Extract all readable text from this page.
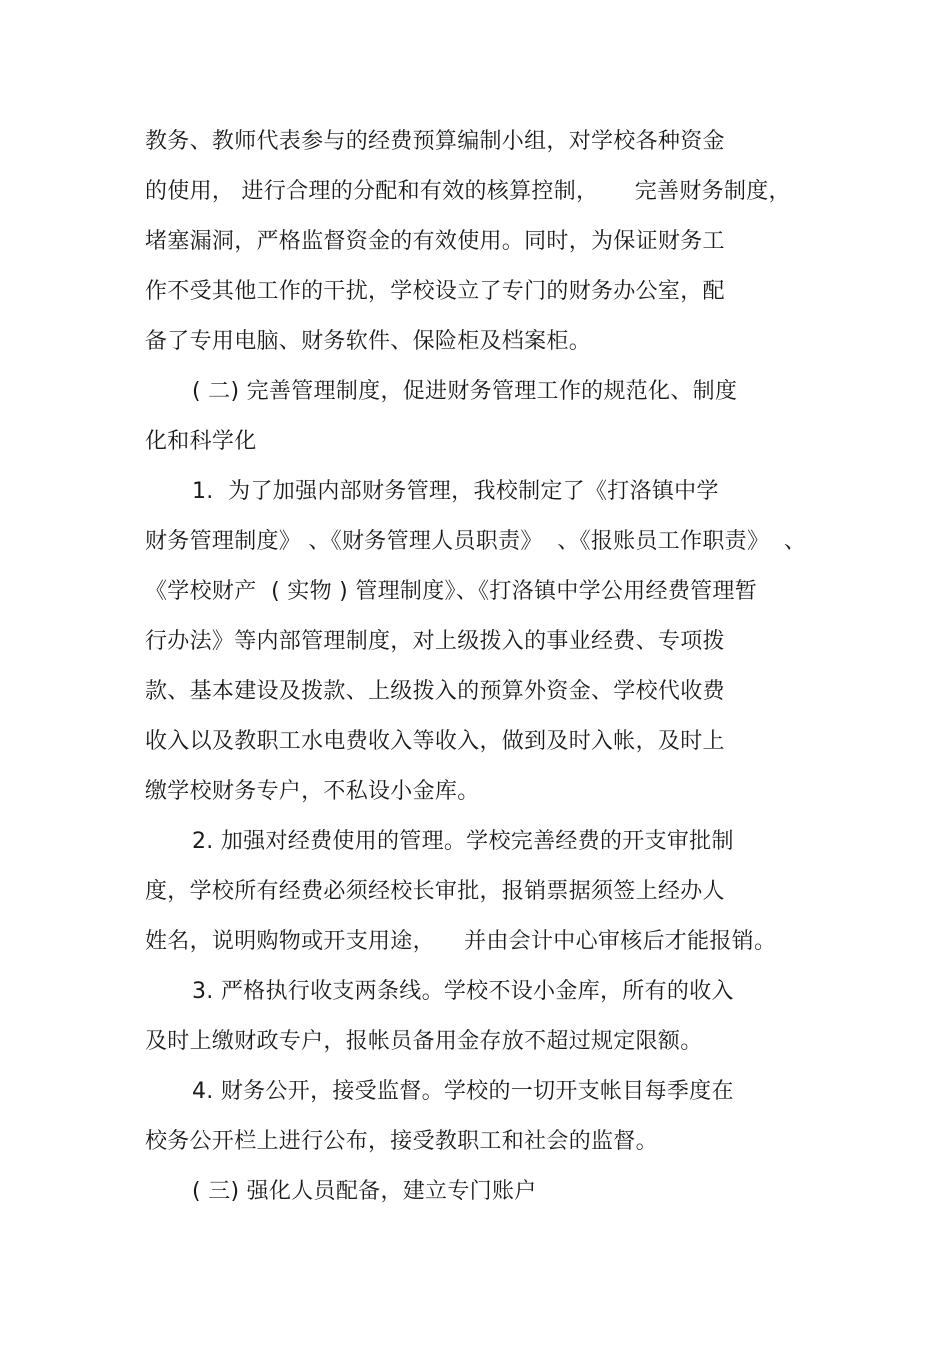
教务、教师代表参与的经费预算编制小组，对学校各种资金
的使用， 进行合理的分配和有效的核算控制，     完善财务制度，
堵塞漏洞，严格监督资金的有效使用。同时，为保证财务工
作不受其他工作的干扰，学校设立了专门的财务办公室，配
备了专用电脑、财务软件、保险柜及档案柜。
( 二) 完善管理制度，促进财务管理工作的规范化、制度
化和科学化
1.  为了加强内部财务管理，我校制定了《打洛镇中学
财务管理制度》 、《财务管理人员职责》  、《报账员工作职责》  、
《学校财产  ( 实物 ) 管理制度》、《打洛镇中学公用经费管理暂
行办法》等内部管理制度，对上级拨入的事业经费、专项拨
款、基本建设及拨款、上级拨入的预算外资金、学校代收费
收入以及教职工水电费收入等收入，做到及时入帐，及时上
缴学校财务专户，不私设小金库。
2. 加强对经费使用的管理。学校完善经费的开支审批制
度，学校所有经费必须经校长审批，报销票据须签上经办人
姓名，说明购物或开支用途，    并由会计中心审核后才能报销。
3. 严格执行收支两条线。学校不设小金库，所有的收入
及时上缴财政专户，报帐员备用金存放不超过规定限额。
4. 财务公开，接受监督。学校的一切开支帐目每季度在
校务公开栏上进行公布，接受教职工和社会的监督。
( 三) 强化人员配备，建立专门账户
